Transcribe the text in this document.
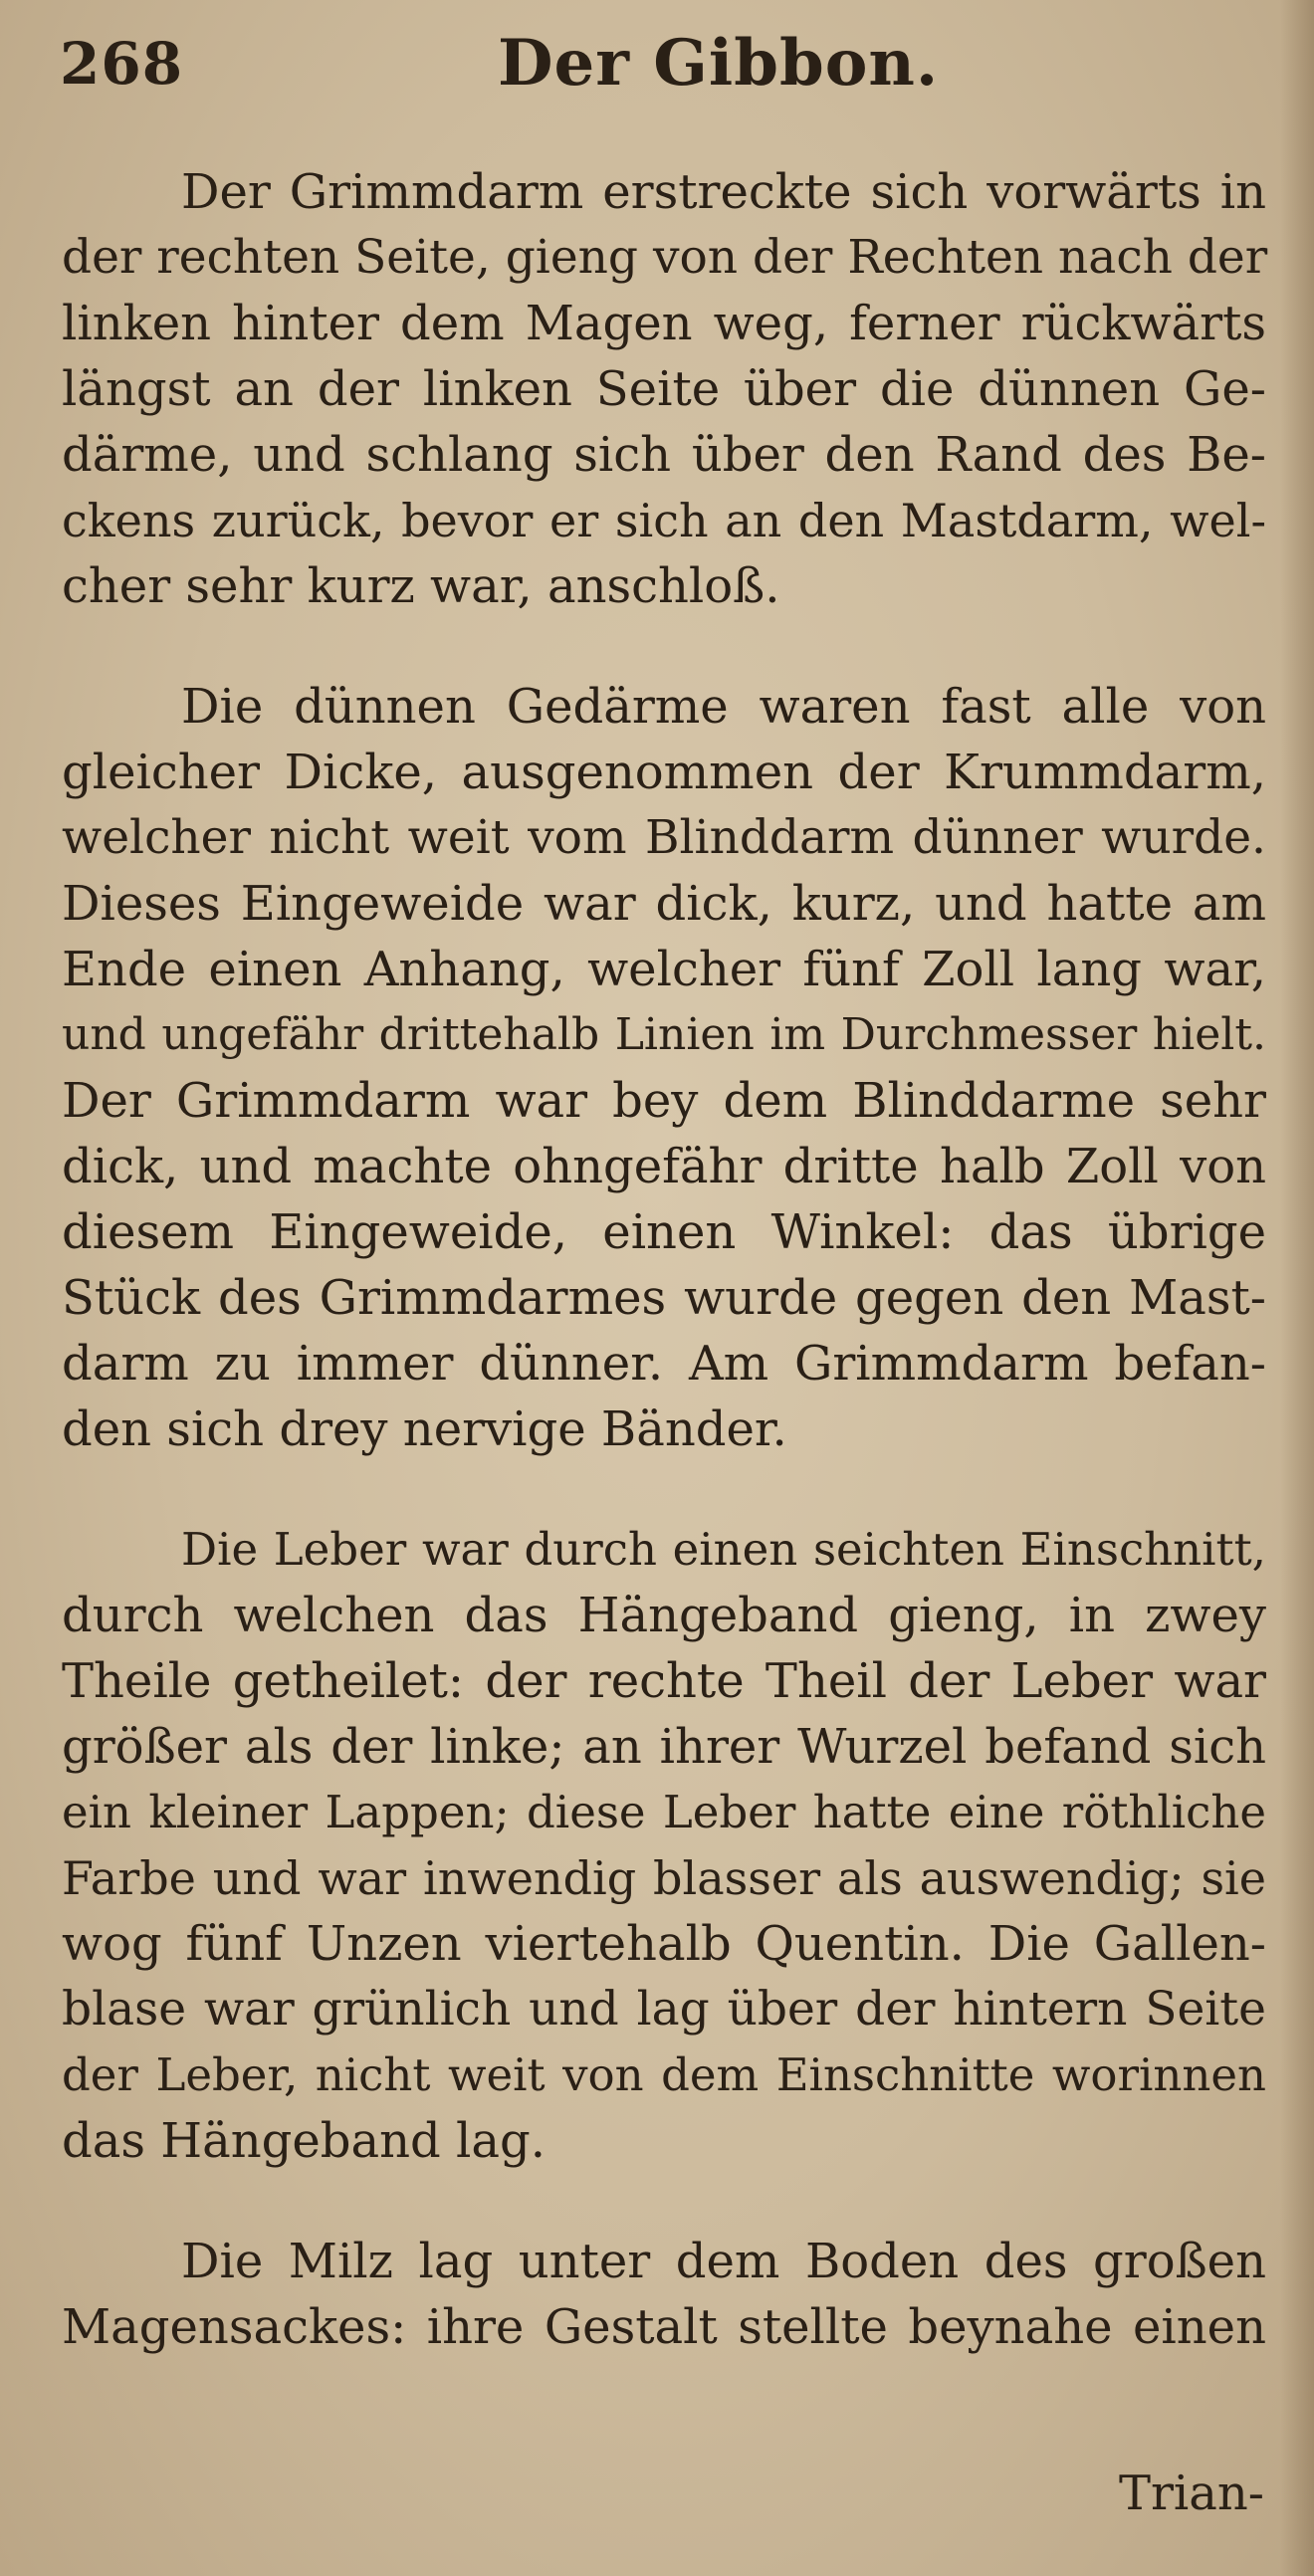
268	Der Gibbon.
Der Grimmdarm erstreckte sich vorwärts in
der rechten Seite, gieng von der Rechten nach der
linken hinter dem Magen weg, ferner rückwärts
längst an der linken Seite über die dünnen Ge-
därme, und schlang sich über den Rand des Be-
ckens zurück, bevor er sich an den Mastdarm, wel-
cher sehr kurz war, anschloß.
Die dünnen Gedärme waren fast alle von
gleicher Dicke, ausgenommen der Krummdarm,
welcher nicht weit vom Blinddarm dünner wurde.
Dieses Eingeweide war dick, kurz, und hatte am
Ende einen Anhang, welcher fünf Zoll lang war,
und ungefähr drittehalb Linien im Durchmesser hielt.
Der Grimmdarm war bey dem Blinddarme sehr
dick, und machte ohngefähr dritte halb Zoll von
diesem Eingeweide, einen Winkel: das übrige
Stück des Grimmdarmes wurde gegen den Mast-
darm zu immer dünner. Am Grimmdarm befan-
den sich drey nervige Bänder.
Die Leber war durch einen seichten Einschnitt,
durch welchen das Hängeband gieng, in zwey
Theile getheilet: der rechte Theil der Leber war
größer als der linke; an ihrer Wurzel befand sich
ein kleiner Lappen; diese Leber hatte eine röthliche
Farbe und war inwendig blasser als auswendig; sie
wog fünf Unzen viertehalb Quentin. Die Gallen-
blase war grünlich und lag über der hintern Seite
der Leber, nicht weit von dem Einschnitte worinnen
das Hängeband lag.
Die Milz lag unter dem Boden des großen
Magensackes: ihre Gestalt stellte beynahe einen
Trian-
